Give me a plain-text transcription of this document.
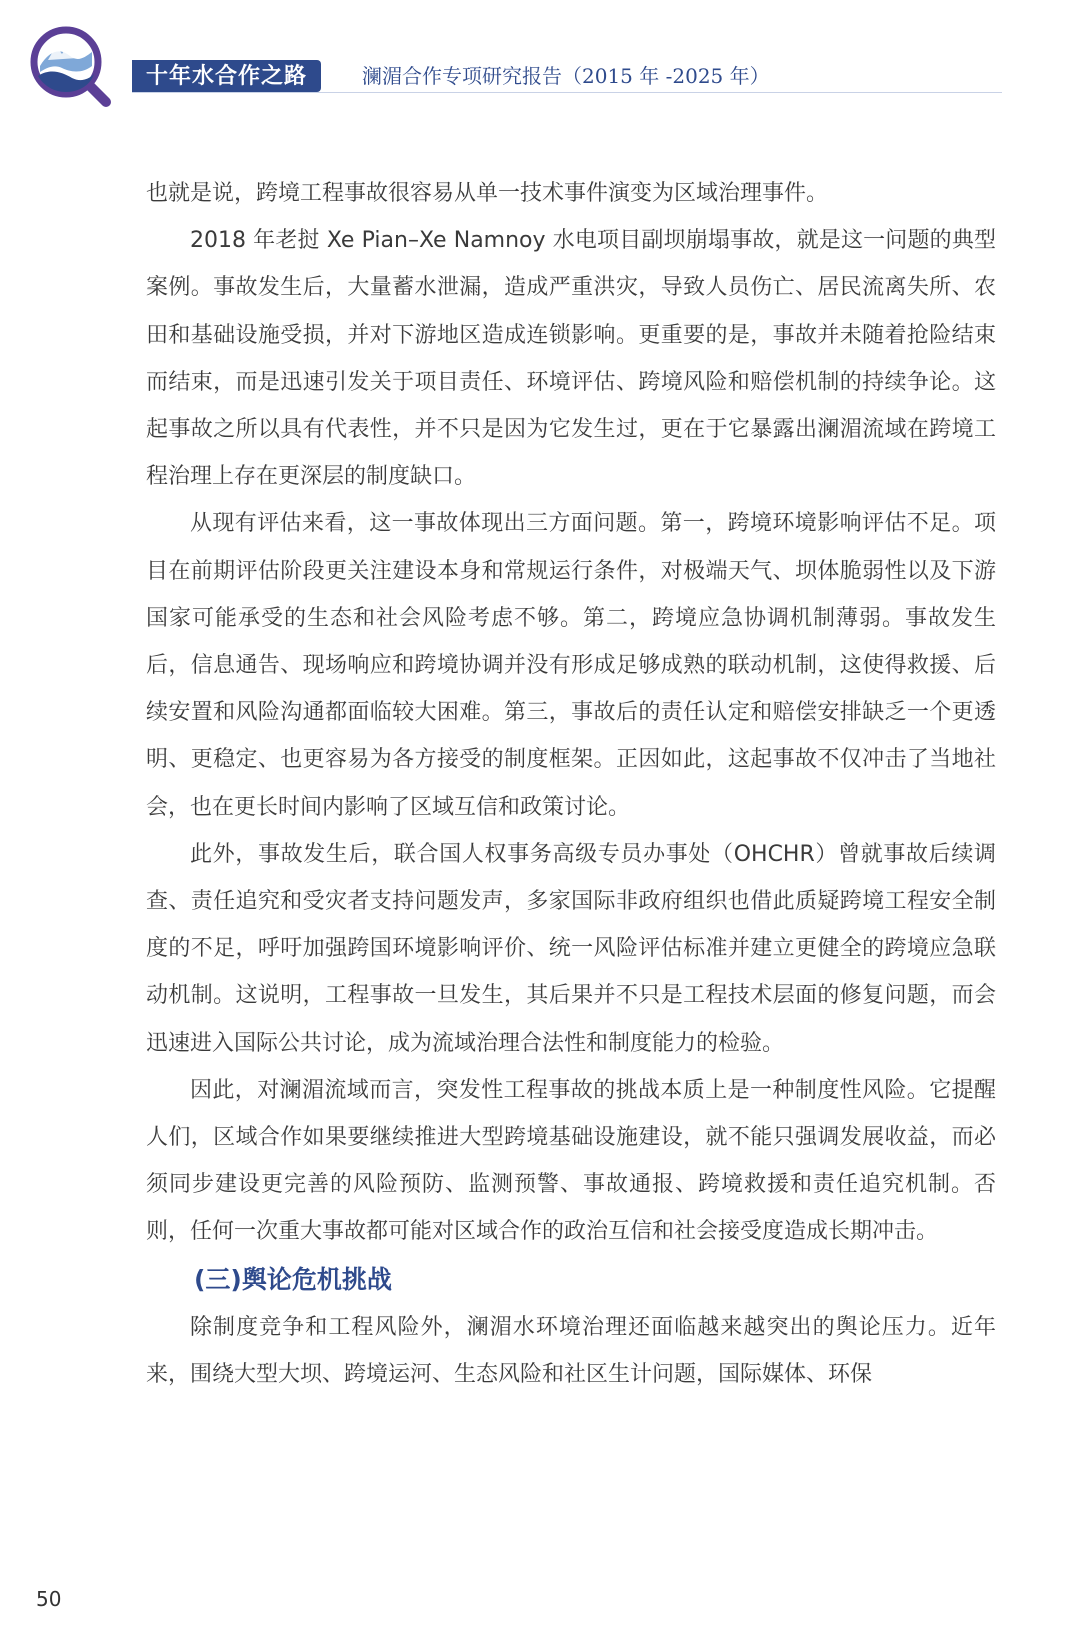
十年水合作之路	澜湄合作专项研究报告（2015 年 -2025 年）

也就是说，跨境工程事故很容易从单一技术事件演变为区域治理事件。

2018 年老挝 Xe Pian–Xe Namnoy 水电项目副坝崩塌事故，就是这一问题的典型案例。事故发生后，大量蓄水泄漏，造成严重洪灾，导致人员伤亡、居民流离失所、农田和基础设施受损，并对下游地区造成连锁影响。更重要的是，事故并未随着抢险结束而结束，而是迅速引发关于项目责任、环境评估、跨境风险和赔偿机制的持续争论。这起事故之所以具有代表性，并不只是因为它发生过，更在于它暴露出澜湄流域在跨境工程治理上存在更深层的制度缺口。

从现有评估来看，这一事故体现出三方面问题。第一，跨境环境影响评估不足。项目在前期评估阶段更关注建设本身和常规运行条件，对极端天气、坝体脆弱性以及下游国家可能承受的生态和社会风险考虑不够。第二，跨境应急协调机制薄弱。事故发生后，信息通告、现场响应和跨境协调并没有形成足够成熟的联动机制，这使得救援、后续安置和风险沟通都面临较大困难。第三，事故后的责任认定和赔偿安排缺乏一个更透明、更稳定、也更容易为各方接受的制度框架。正因如此，这起事故不仅冲击了当地社会，也在更长时间内影响了区域互信和政策讨论。

此外，事故发生后，联合国人权事务高级专员办事处（OHCHR）曾就事故后续调查、责任追究和受灾者支持问题发声，多家国际非政府组织也借此质疑跨境工程安全制度的不足，呼吁加强跨国环境影响评价、统一风险评估标准并建立更健全的跨境应急联动机制。这说明，工程事故一旦发生，其后果并不只是工程技术层面的修复问题，而会迅速进入国际公共讨论，成为流域治理合法性和制度能力的检验。

因此，对澜湄流域而言，突发性工程事故的挑战本质上是一种制度性风险。它提醒人们，区域合作如果要继续推进大型跨境基础设施建设，就不能只强调发展收益，而必须同步建设更完善的风险预防、监测预警、事故通报、跨境救援和责任追究机制。否则，任何一次重大事故都可能对区域合作的政治互信和社会接受度造成长期冲击。

(三)舆论危机挑战

除制度竞争和工程风险外，澜湄水环境治理还面临越来越突出的舆论压力。近年来，围绕大型大坝、跨境运河、生态风险和社区生计问题，国际媒体、环保

50
